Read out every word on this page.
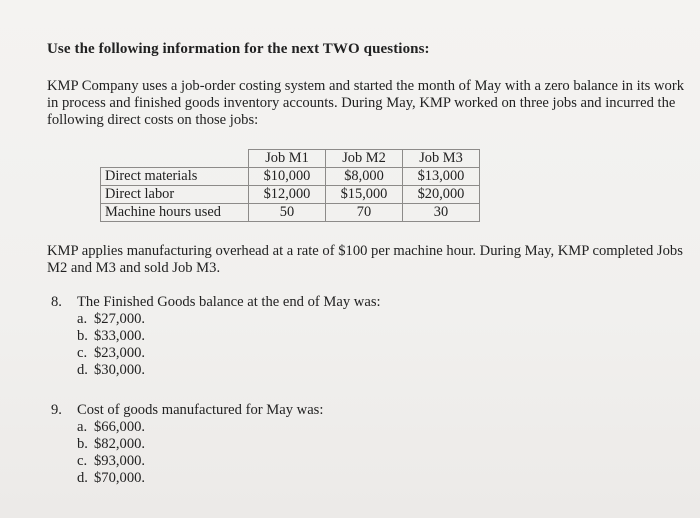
Use the following information for the next TWO questions:
KMP Company uses a job-order costing system and started the month of May with a zero balance in its work in process and finished goods inventory accounts. During May, KMP worked on three jobs and incurred the following direct costs on those jobs:
	Job M1	Job M2	Job M3
Direct materials	$10,000	$8,000	$13,000
Direct labor	$12,000	$15,000	$20,000
Machine hours used	50	70	30
KMP applies manufacturing overhead at a rate of $100 per machine hour. During May, KMP completed Jobs M2 and M3 and sold Job M3.
8. The Finished Goods balance at the end of May was:
a. $27,000.
b. $33,000.
c. $23,000.
d. $30,000.
9. Cost of goods manufactured for May was:
a. $66,000.
b. $82,000.
c. $93,000.
d. $70,000.
